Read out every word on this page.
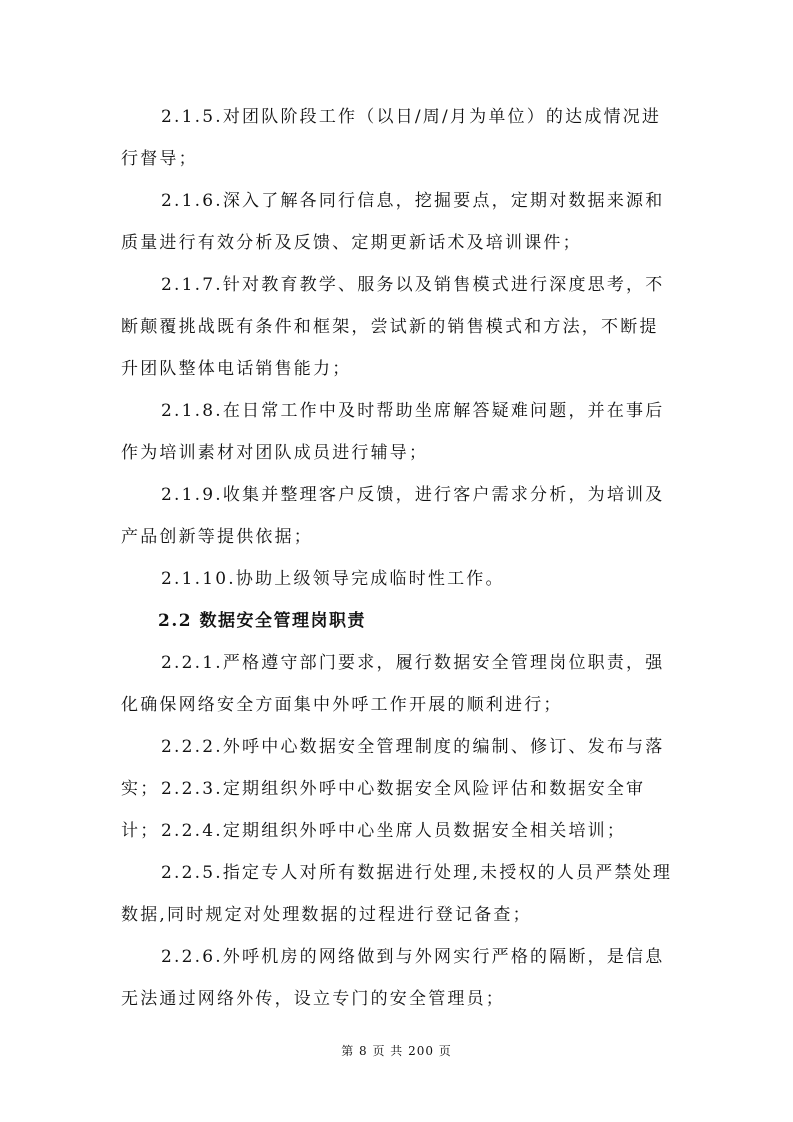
2.1.5.对团队阶段工作（以日/周/月为单位）的达成情况进行督导；

2.1.6.深入了解各同行信息，挖掘要点，定期对数据来源和质量进行有效分析及反馈、定期更新话术及培训课件；

2.1.7.针对教育教学、服务以及销售模式进行深度思考，不断颠覆挑战既有条件和框架，尝试新的销售模式和方法，不断提升团队整体电话销售能力；

2.1.8.在日常工作中及时帮助坐席解答疑难问题，并在事后作为培训素材对团队成员进行辅导；

2.1.9.收集并整理客户反馈，进行客户需求分析，为培训及产品创新等提供依据；

2.1.10.协助上级领导完成临时性工作。

2.2 数据安全管理岗职责

2.2.1.严格遵守部门要求，履行数据安全管理岗位职责，强化确保网络安全方面集中外呼工作开展的顺利进行；

2.2.2.外呼中心数据安全管理制度的编制、修订、发布与落实； 2.2.3.定期组织外呼中心数据安全风险评估和数据安全审计； 2.2.4.定期组织外呼中心坐席人员数据安全相关培训；

2.2.5.指定专人对所有数据进行处理,未授权的人员严禁处理数据,同时规定对处理数据的过程进行登记备查；

2.2.6.外呼机房的网络做到与外网实行严格的隔断，是信息无法通过网络外传，设立专门的安全管理员；

第 8 页 共 200 页
